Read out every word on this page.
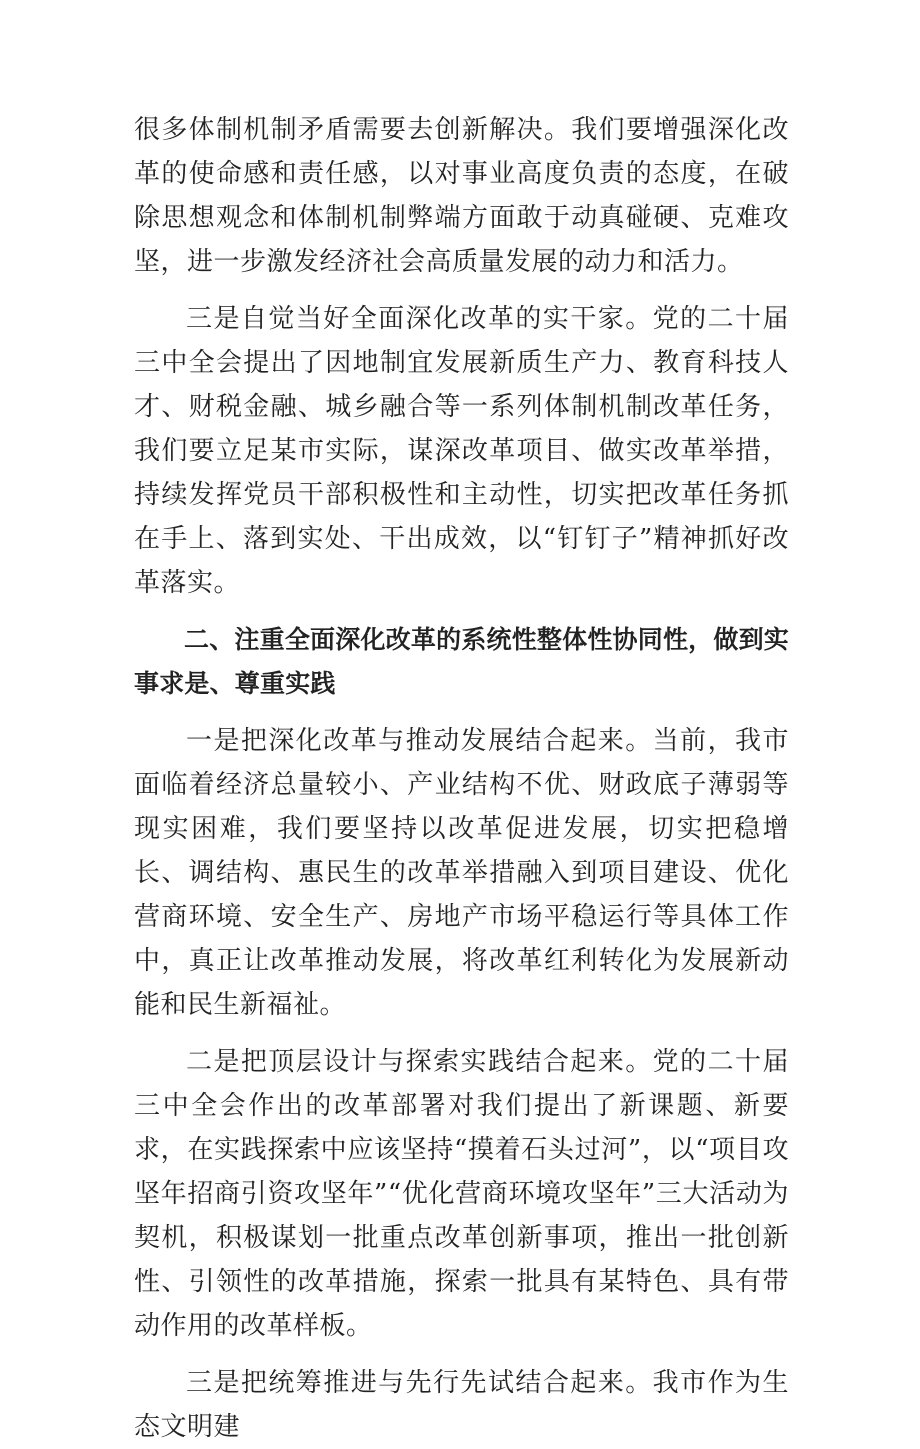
很多体制机制矛盾需要去创新解决。我们要增强深化改革的使命感和责任感，以对事业高度负责的态度，在破除思想观念和体制机制弊端方面敢于动真碰硬、克难攻坚，进一步激发经济社会高质量发展的动力和活力。

三是自觉当好全面深化改革的实干家。党的二十届三中全会提出了因地制宜发展新质生产力、教育科技人才、财税金融、城乡融合等一系列体制机制改革任务，我们要立足某市实际，谋深改革项目、做实改革举措，持续发挥党员干部积极性和主动性，切实把改革任务抓在手上、落到实处、干出成效，以“钉钉子”精神抓好改革落实。

二、注重全面深化改革的系统性整体性协同性，做到实事求是、尊重实践

一是把深化改革与推动发展结合起来。当前，我市面临着经济总量较小、产业结构不优、财政底子薄弱等现实困难，我们要坚持以改革促进发展，切实把稳增长、调结构、惠民生的改革举措融入到项目建设、优化营商环境、安全生产、房地产市场平稳运行等具体工作中，真正让改革推动发展，将改革红利转化为发展新动能和民生新福祉。

二是把顶层设计与探索实践结合起来。党的二十届三中全会作出的改革部署对我们提出了新课题、新要求，在实践探索中应该坚持“摸着石头过河”，以“项目攻坚年招商引资攻坚年”“优化营商环境攻坚年”三大活动为契机，积极谋划一批重点改革创新事项，推出一批创新性、引领性的改革措施，探索一批具有某特色、具有带动作用的改革样板。

三是把统筹推进与先行先试结合起来。我市作为生态文明建
